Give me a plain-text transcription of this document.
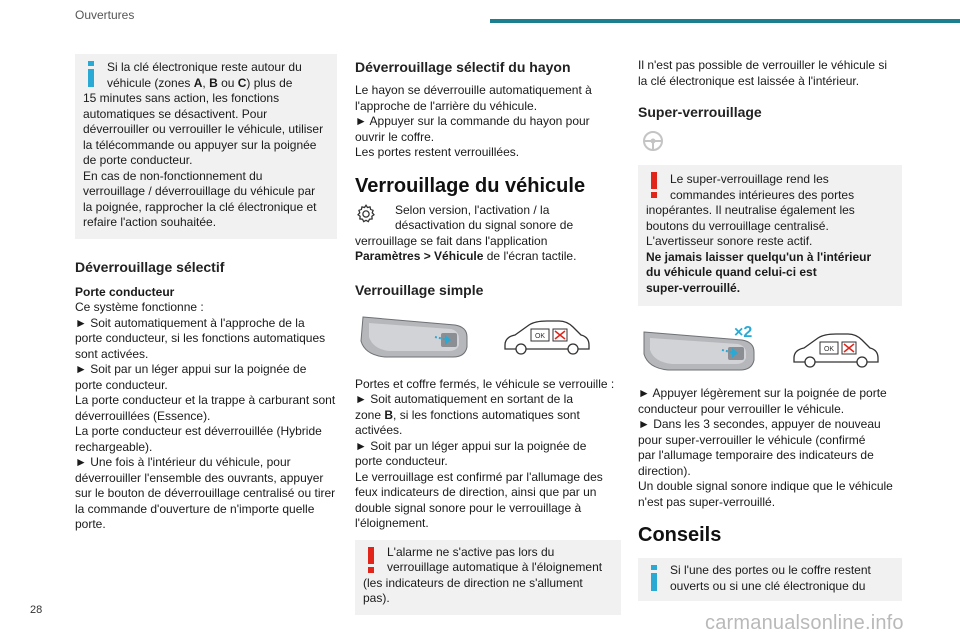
Ouvertures
Si la clé électronique reste autour du
véhicule (zones A, B ou C) plus de
15 minutes sans action, les fonctions
automatiques se désactivent. Pour
déverrouiller ou verrouiller le véhicule, utiliser
la télécommande ou appuyer sur la poignée
de porte conducteur.
En cas de non-fonctionnement du
verrouillage / déverrouillage du véhicule par
la poignée, rapprocher la clé électronique et
refaire l'action souhaitée.
Déverrouillage sélectif
Porte conducteur
Ce système fonctionne :
► Soit automatiquement à l'approche de la
porte conducteur, si les fonctions automatiques
sont activées.
► Soit par un léger appui sur la poignée de
porte conducteur.
La porte conducteur et la trappe à carburant sont
déverrouillées (Essence).
La porte conducteur est déverrouillée (Hybride
rechargeable).
► Une fois à l'intérieur du véhicule, pour
déverrouiller l'ensemble des ouvrants, appuyer
sur le bouton de déverrouillage centralisé ou tirer
la commande d'ouverture de n'importe quelle
porte.
Déverrouillage sélectif du hayon
Le hayon se déverrouille automatiquement à
l'approche de l'arrière du véhicule.
► Appuyer sur la commande du hayon pour
ouvrir le coffre.
Les portes restent verrouillées.
Verrouillage du véhicule
Selon version, l'activation / la
désactivation du signal sonore de
verrouillage se fait dans l'application
Paramètres > Véhicule de l'écran tactile.
Verrouillage simple
OK
Portes et coffre fermés, le véhicule se verrouille :
► Soit automatiquement en sortant de la
zone B, si les fonctions automatiques sont
activées.
► Soit par un léger appui sur la poignée de
porte conducteur.
Le verrouillage est confirmé par l'allumage des
feux indicateurs de direction, ainsi que par un
double signal sonore pour le verrouillage à
l'éloignement.
L'alarme ne s'active pas lors du
verrouillage automatique à l'éloignement
(les indicateurs de direction ne s'allument
pas).
Il n'est pas possible de verrouiller le véhicule si
la clé électronique est laissée à l'intérieur.
Super-verrouillage
Le super-verrouillage rend les
commandes intérieures des portes
inopérantes. Il neutralise également les
boutons du verrouillage centralisé.
L'avertisseur sonore reste actif.
Ne jamais laisser quelqu'un à l'intérieur
du véhicule quand celui-ci est
super-verrouillé.
×2
OK
► Appuyer légèrement sur la poignée de porte
conducteur pour verrouiller le véhicule.
► Dans les 3 secondes, appuyer de nouveau
pour super-verrouiller le véhicule (confirmé
par l'allumage temporaire des indicateurs de
direction).
Un double signal sonore indique que le véhicule
n'est pas super-verrouillé.
Conseils
Si l'une des portes ou le coffre restent
ouverts ou si une clé électronique du
28
carmanualsonline.info
